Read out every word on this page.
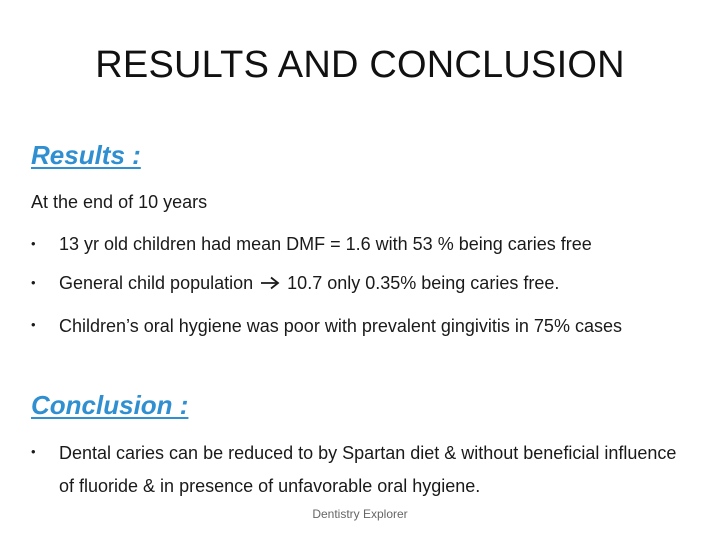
RESULTS AND CONCLUSION
Results :
At the end of 10 years
•	13 yr old children had mean DMF = 1.6 with 53 % being caries free
•	General child population 10.7 only 0.35% being caries free.
•	Children’s oral hygiene was poor with prevalent gingivitis in 75% cases
Conclusion :
•	Dental caries can be reduced to by Spartan diet & without beneficial influence of fluoride & in presence of unfavorable oral hygiene.
Dentistry Explorer
